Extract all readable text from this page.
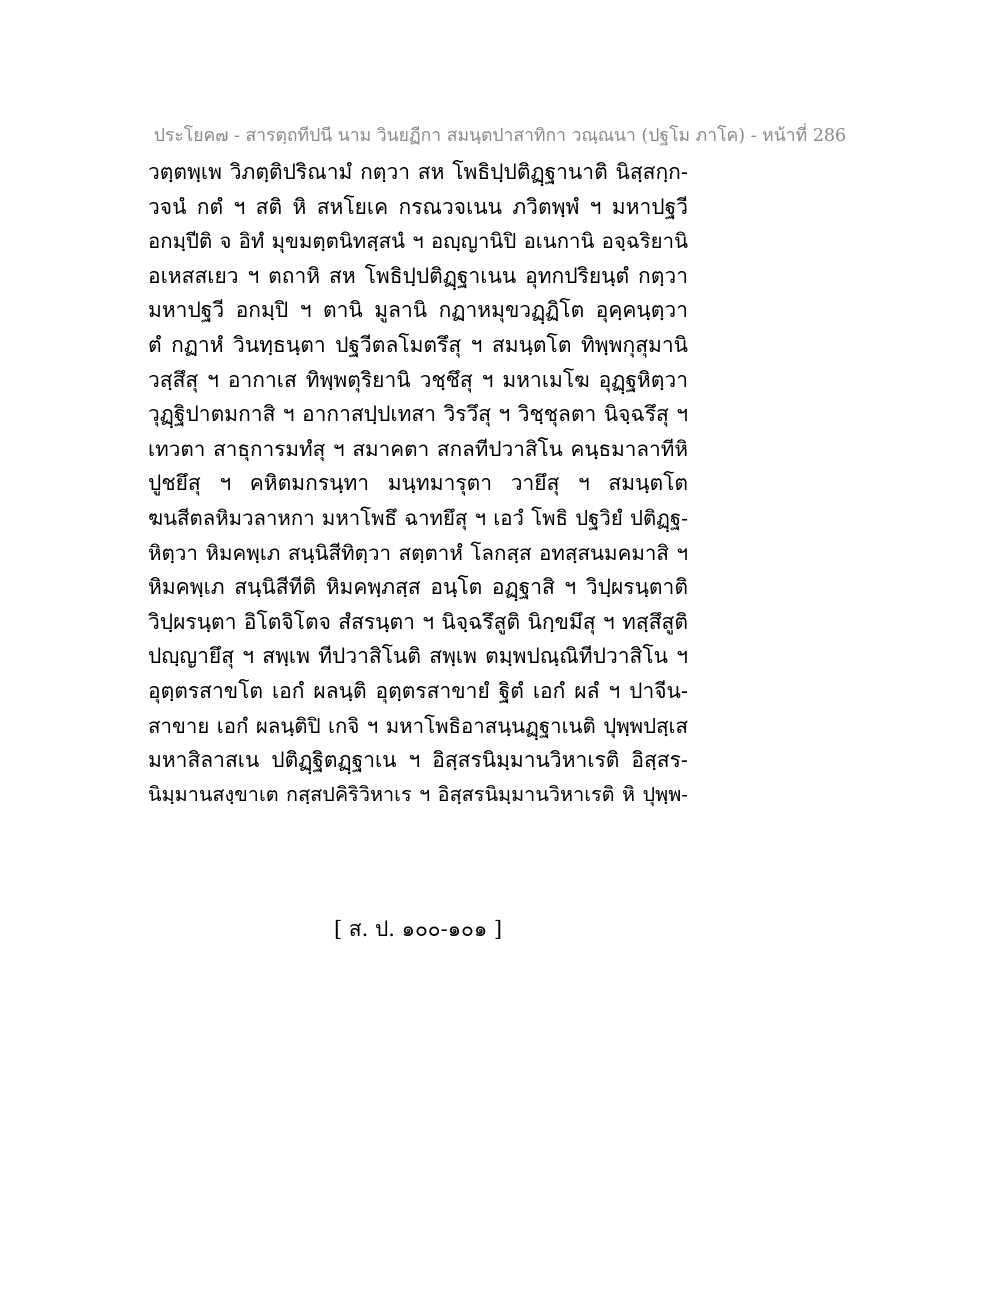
ประโยค๗ - สารตฺถทีปนี นาม วินยฏีกา สมนฺตปาสาทิกา วณฺณนา (ปฐโม ภาโค) - หน้าที่ 286
วตฺตพฺเพ วิภตฺติปริณามํ กตฺวา สห โพธิปฺปติฏฺฐานาติ นิสฺสกฺก-
วจนํ กตํ ฯ สติ หิ สหโยเค กรณวจเนน ภวิตพฺพํ ฯ มหาปฐวี
อกมฺปีติ จ อิทํ มุขมตฺตนิทสฺสนํ ฯ อญฺญานิปิ อเนกานิ อจฺฉริยานิ
อเหสสเยว ฯ ตถาหิ สห โพธิปฺปติฏฺฐาเนน อุทกปริยนฺตํ กตฺวา
มหาปฐวี อกมฺปิ ฯ ตานิ มูลานิ กฏาหมุขวฏฺฏิโต อุคฺคนฺตฺวา
ตํ กฏาหํ วินทฺธนฺตา ปฐวีตลโมตรึสุ ฯ สมนฺตโต ทิพฺพกุสุมานิ
วสฺสึสุ ฯ อากาเส ทิพฺพตุริยานิ วชฺชึสุ ฯ มหาเมโฆ อุฏฺฐหิตฺวา
วุฏฺฐิปาตมกาสิ ฯ อากาสปฺปเทสา วิรวึสุ ฯ วิชฺชุลตา นิจฺฉรึสุ ฯ
เทวตา สาธุการมทํสุ ฯ สมาคตา สกลทีปวาสิโน คนฺธมาลาทีหิ
ปูชยึสุ ฯ คหิตมกรนฺทา มนฺทมารุตา วายึสุ ฯ สมนฺตโต
ฆนสีตลหิมวลาหกา มหาโพธึ ฉาทยึสุ ฯ เอวํ โพธิ ปฐวิยํ ปติฏฺฐ-
หิตฺวา หิมคพฺเภ สนฺนิสีทิตฺวา สตฺตาหํ โลกสฺส อทสฺสนมคมาสิ ฯ
หิมคพฺเภ สนฺนิสีทีติ หิมคพฺภสฺส อนฺโต อฏฺฐาสิ ฯ วิปฺผรนฺตาติ
วิปฺผรนฺตา อิโตจิโตจ สํสรนฺตา ฯ นิจฺฉรึสูติ นิกฺขมึสุ ฯ ทสฺสึสูติ
ปญฺญายึสุ ฯ สพฺเพ ทีปวาสิโนติ สพฺเพ ตมฺพปณฺณิทีปวาสิโน ฯ
อุตฺตรสาขโต เอกํ ผลนฺติ อุตฺตรสาขายํ ฐิตํ เอกํ ผลํ ฯ ปาจีน-
สาขาย เอกํ ผลนฺติปิ เกจิ ฯ มหาโพธิอาสนฺนฏฺฐาเนติ ปุพฺพปสฺเส
มหาสิลาสเน ปติฏฺฐิตฏฺฐาเน ฯ อิสฺสรนิมฺมานวิหาเรติ อิสฺสร-
นิมฺมานสงฺขาเต กสฺสปคิริวิหาเร ฯ อิสฺสรนิมฺมานวิหาเรติ หิ ปุพฺพ-
[ ส. ป. ๑๐๐-๑๐๑ ]
